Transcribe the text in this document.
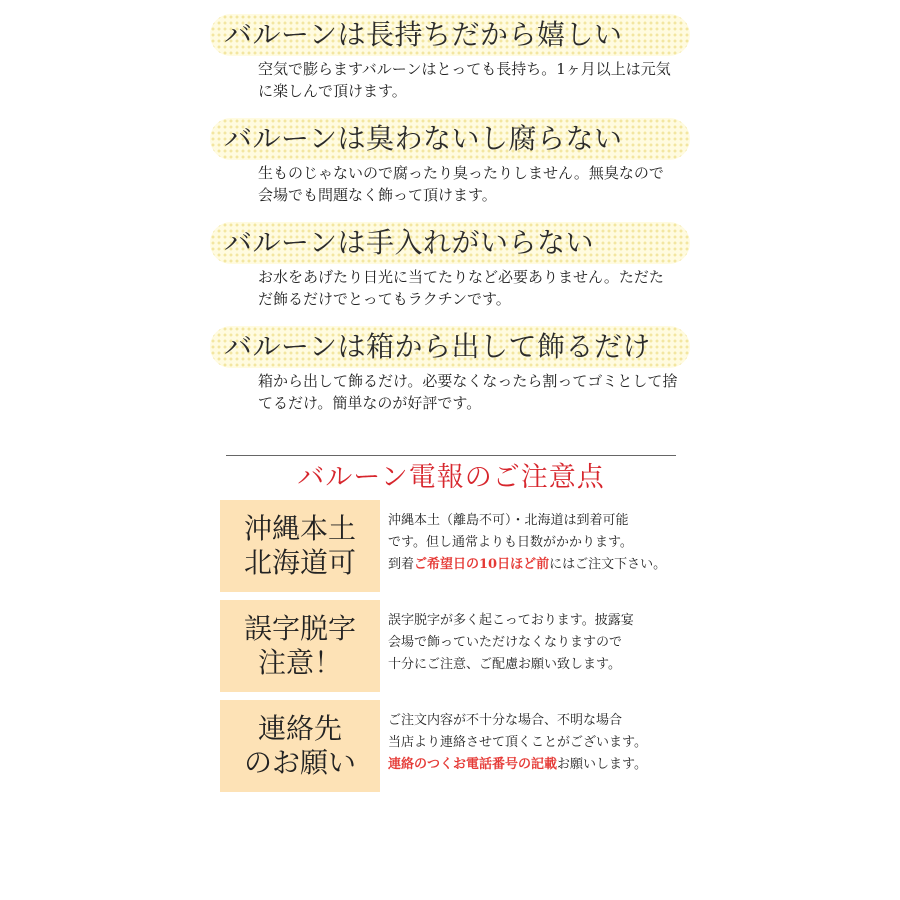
バルーンは長持ちだから嬉しい
空気で膨らますバルーンはとっても長持ち。1ヶ月以上は元気に楽しんで頂けます。
バルーンは臭わないし腐らない
生ものじゃないので腐ったり臭ったりしません。無臭なので会場でも問題なく飾って頂けます。
バルーンは手入れがいらない
お水をあげたり日光に当てたりなど必要ありません。ただただ飾るだけでとってもラクチンです。
バルーンは箱から出して飾るだけ
箱から出して飾るだけ。必要なくなったら割ってゴミとして捨てるだけ。簡単なのが好評です。
バルーン電報のご注意点
沖縄本土
北海道可
沖縄本土（離島不可）・北海道は到着可能
です。但し通常よりも日数がかかります。
到着ご希望日の10日ほど前にはご注文下さい。
誤字脱字
注意！
誤字脱字が多く起こっております。披露宴
会場で飾っていただけなくなりますので
十分にご注意、ご配慮お願い致します。
連絡先
のお願い
ご注文内容が不十分な場合、不明な場合
当店より連絡させて頂くことがございます。
連絡のつくお電話番号の記載お願いします。
